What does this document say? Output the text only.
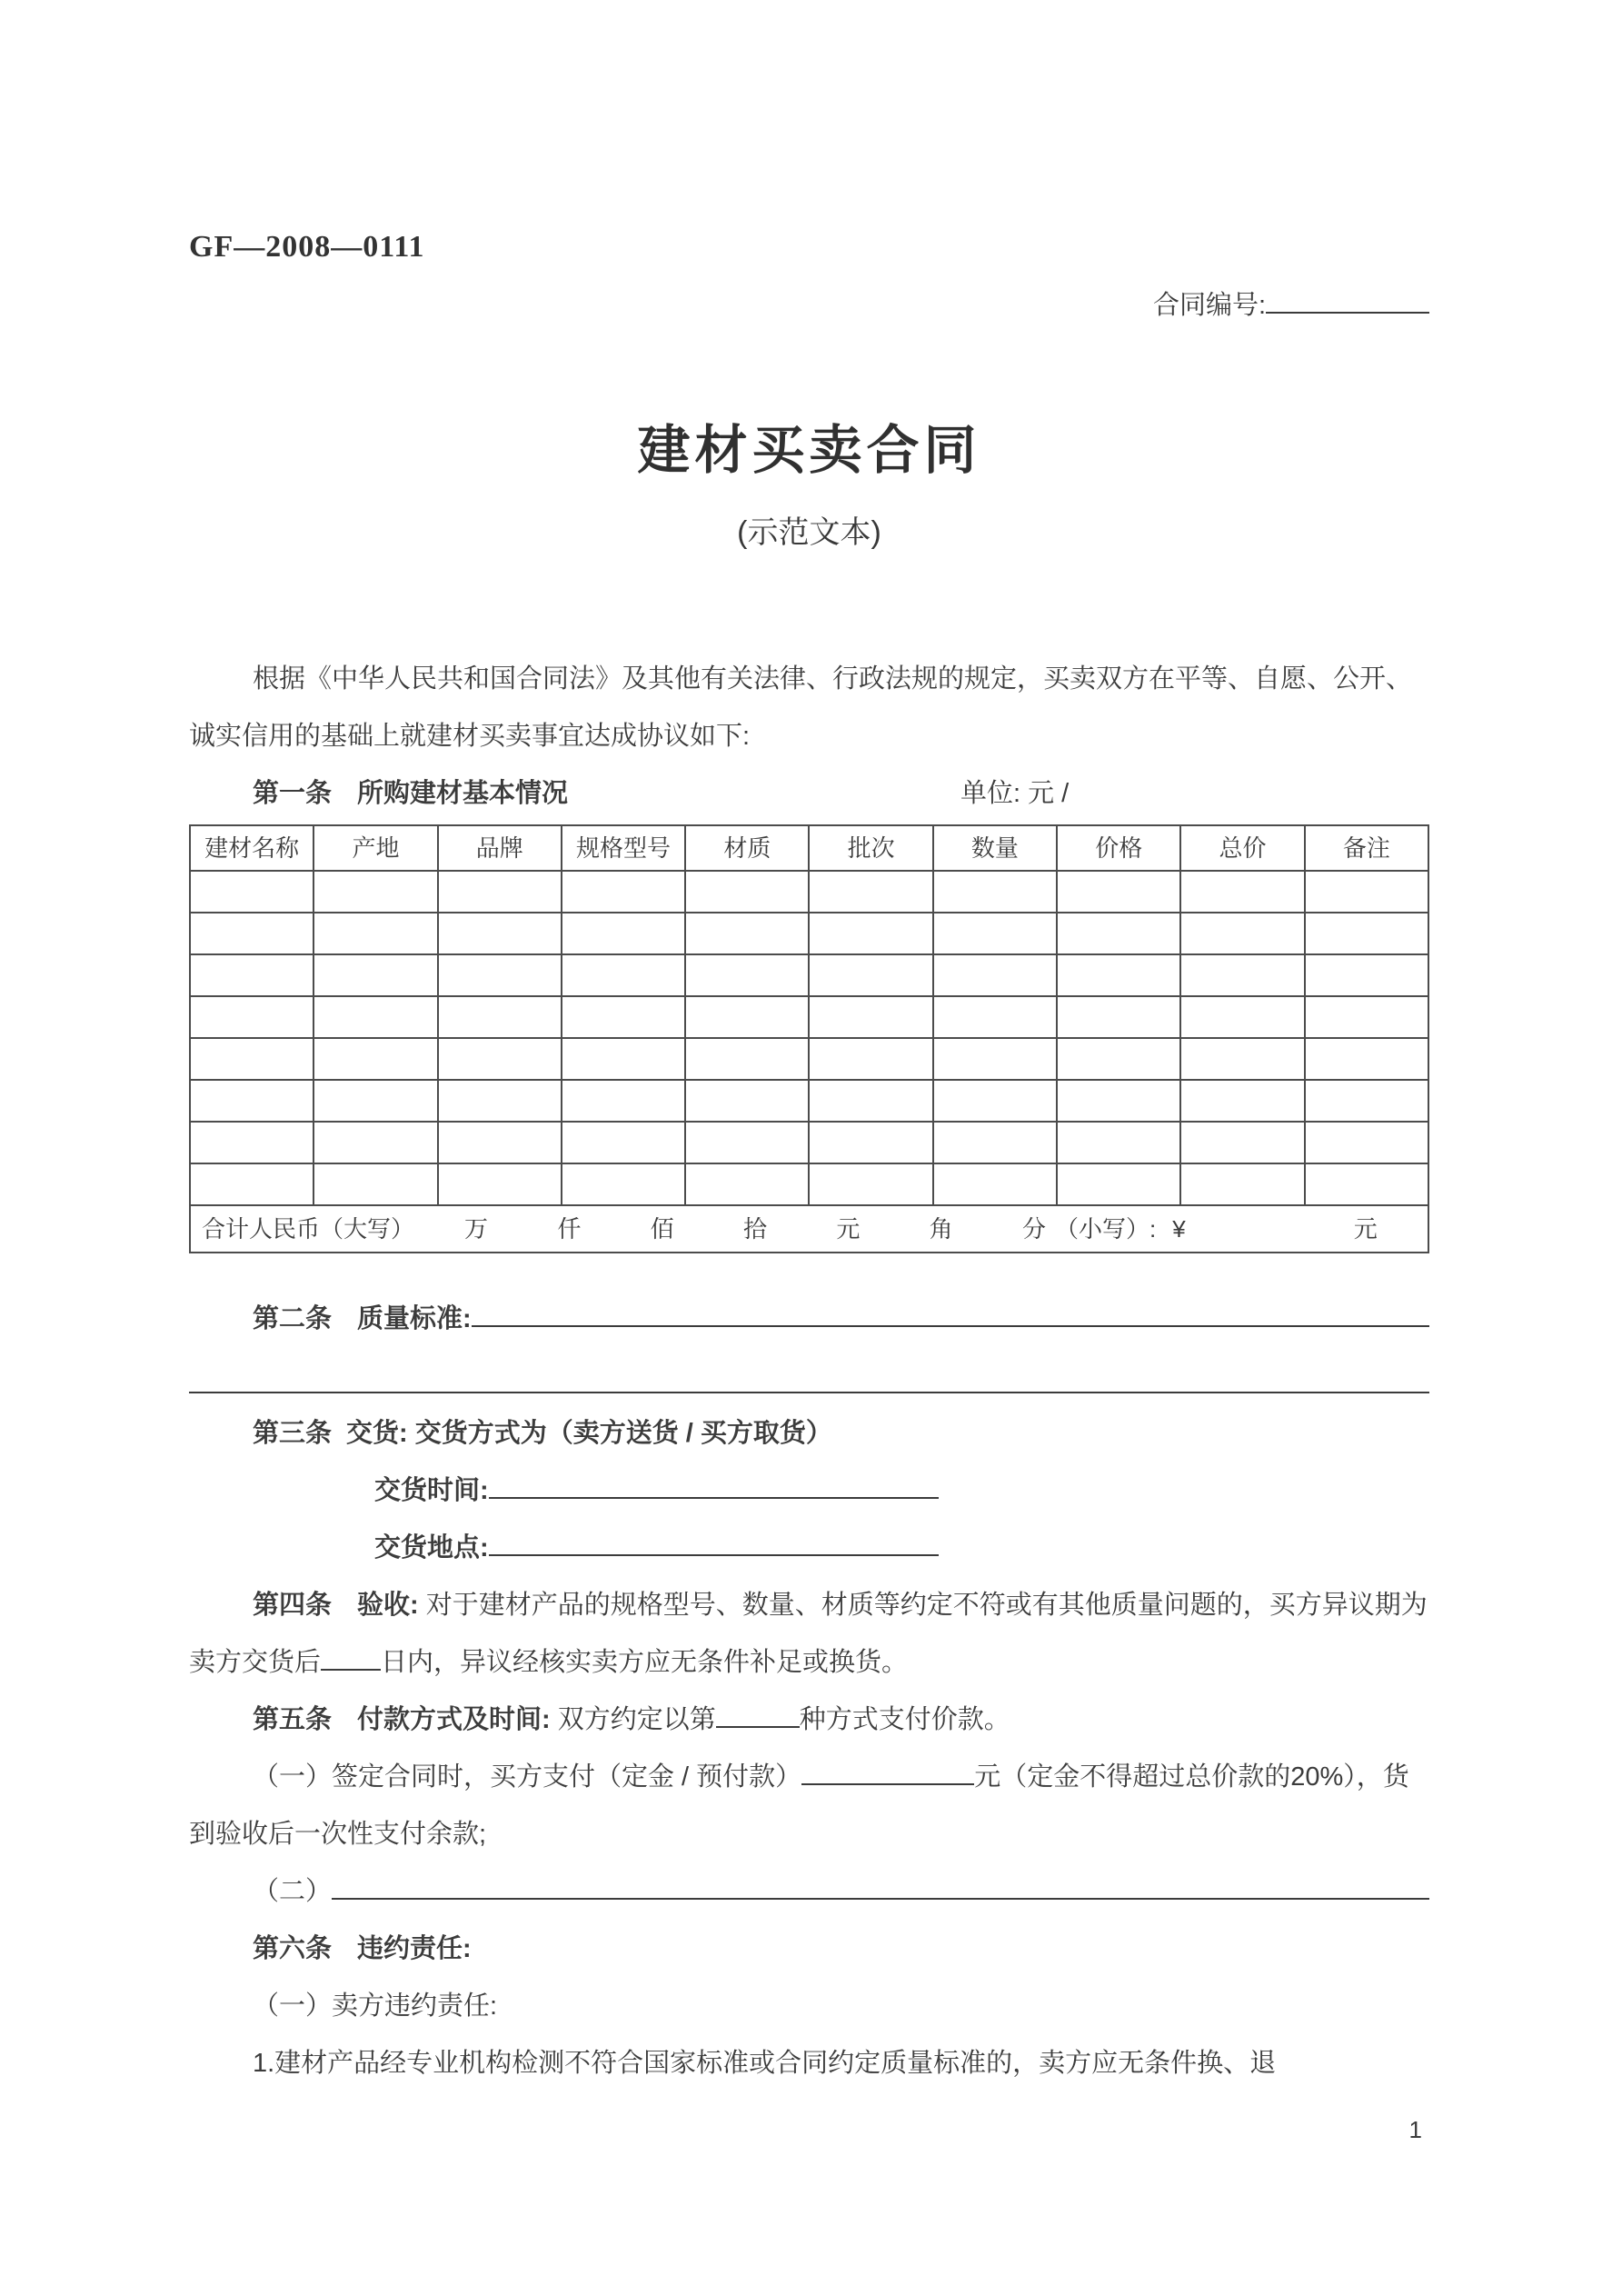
GF—2008—0111
合同编号:
建材买卖合同
(示范文本)

根据《中华人民共和国合同法》及其他有关法律、行政法规的规定，买卖双方在平等、自愿、公开、诚实信用的基础上就建材买卖事宜达成协议如下:

第一条 所购建材基本情况	单位: 元 /

建材名称	产地	品牌	规格型号	材质	批次	数量	价格	总价	备注

合计人民币（大写） 万	仟	佰	拾	元	角	分 （小写）: ¥	元
第二条 质量标准:

第三条 交货: 交货方式为（卖方送货 / 买方取货）

交货时间:

交货地点:

第四条 验收: 对于建材产品的规格型号、数量、材质等约定不符或有其他质量问题的，买方异议期为卖方交货后 日内，异议经核实卖方应无条件补足或换货。

第五条 付款方式及时间: 双方约定以第	种方式支付价款。

（一）签定合同时，买方支付（定金 / 预付款）	元（定金不得超过总价款的20%），货到验收后一次性支付余款;

（二）

第六条 违约责任:

（一）卖方违约责任:

1.建材产品经专业机构检测不符合国家标准或合同约定质量标准的，卖方应无条件换、退

1
